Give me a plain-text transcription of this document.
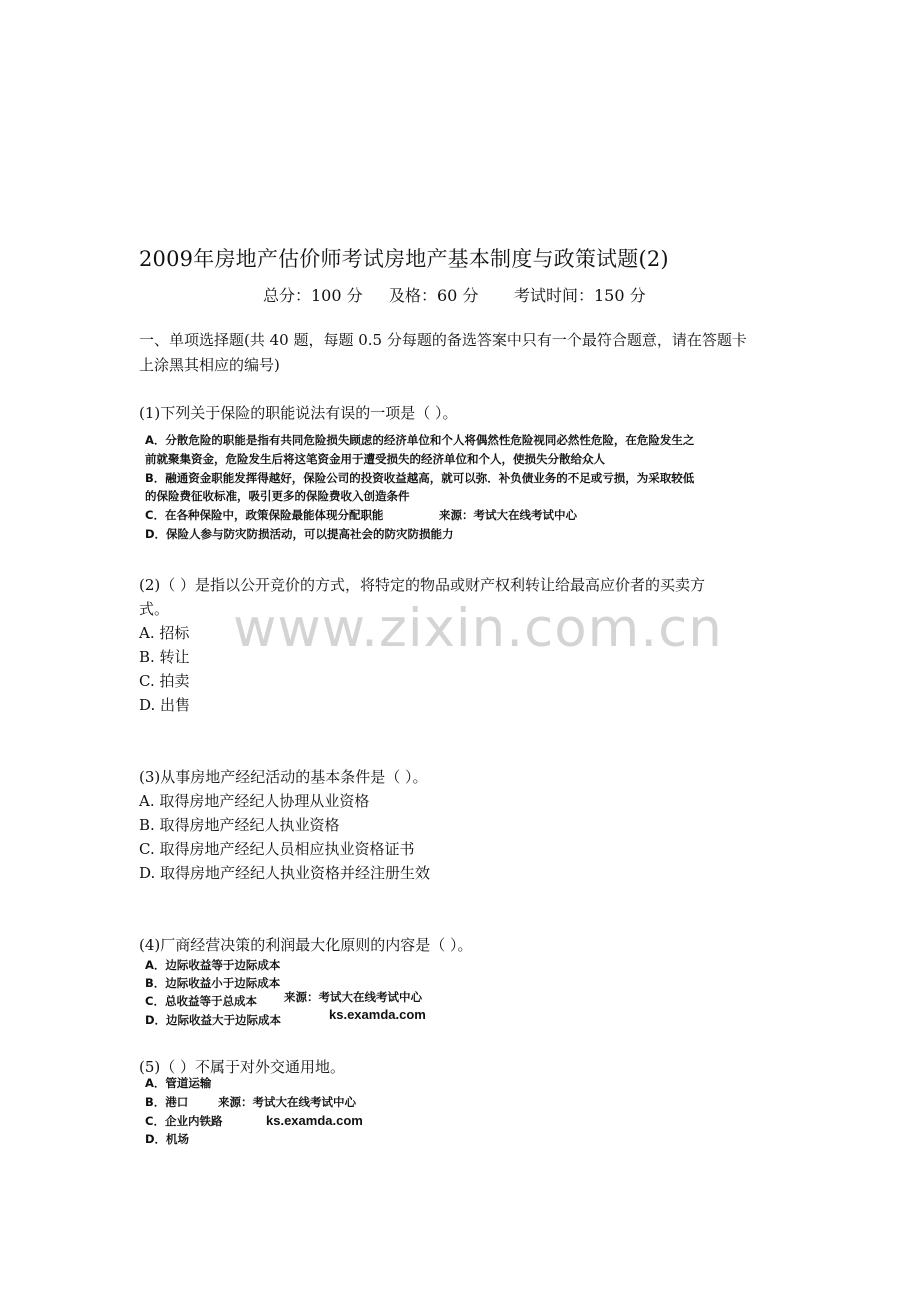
2009年房地产估价师考试房地产基本制度与政策试题(2)
总分：100 分 及格：60 分 考试时间：150 分
一、单项选择题(共 40 题，每题 0.5 分每题的备选答案中只有一个最符合题意，请在答题卡
上涂黑其相应的编号)
(1)下列关于保险的职能说法有误的一项是（ ）。
A．分散危险的职能是指有共同危险损失顾虑的经济单位和个人将偶然性危险视同必然性危险，在危险发生之
前就聚集资金，危险发生后将这笔资金用于遭受损失的经济单位和个人，使损失分散给众人
B．融通资金职能发挥得越好，保险公司的投资收益越高，就可以弥．补负债业务的不足或亏损，为采取较低
的保险费征收标准，吸引更多的保险费收入创造条件
C．在各种保险中，政策保险最能体现分配职能	来源：考试大在线考试中心
D．保险人参与防灾防损活动，可以提高社会的防灾防损能力
www.zixin.com.cn
(2)（ ）是指以公开竞价的方式，将特定的物品或财产权利转让给最高应价者的买卖方
式。
A. 招标
B. 转让
C. 拍卖
D. 出售
(3)从事房地产经纪活动的基本条件是（ ）。
A. 取得房地产经纪人协理从业资格
B. 取得房地产经纪人执业资格
C. 取得房地产经纪人员相应执业资格证书
D. 取得房地产经纪人执业资格并经注册生效
(4)厂商经营决策的利润最大化原则的内容是（ ）。
A．边际收益等于边际成本
B．边际收益小于边际成本
C．总收益等于总成本 来源：考试大在线考试中心
D．边际收益大于边际成本	ks.examda.com
(5)（ ）不属于对外交通用地。
A．管道运输
B．港口	来源：考试大在线考试中心
C．企业内铁路	ks.examda.com
D．机场
